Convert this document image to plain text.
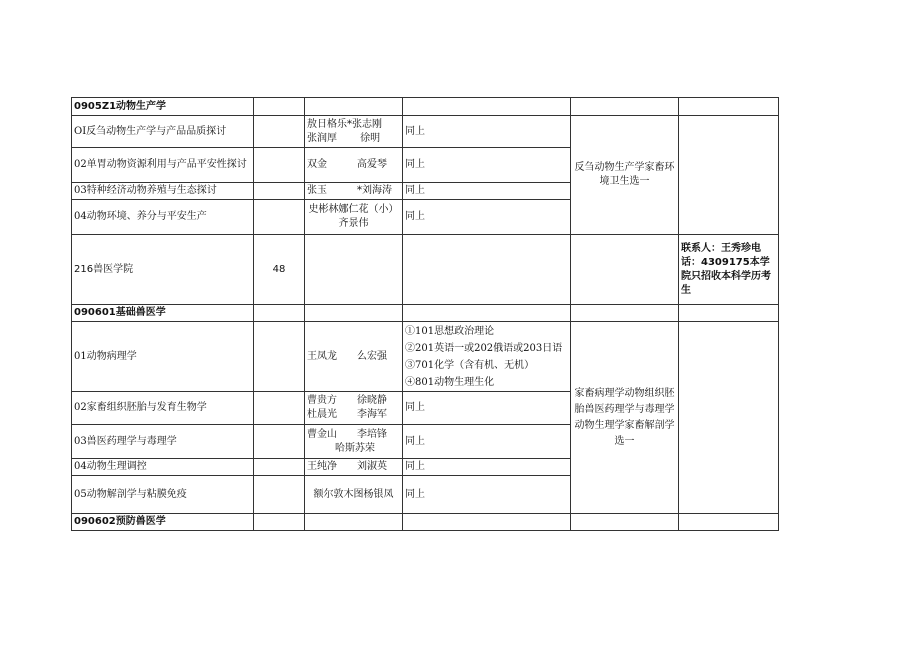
0905Z1动物生产学					
OI反刍动物生产学与产品品质探讨		敖日格乐*张志刚
张润厚　　 徐明	同上	反刍动物生产学家畜环境卫生选一	
02单胃动物资源利用与产品平安性探讨		双金　　　高爱琴	同上		
03特种经济动物养殖与生态探讨		张玉　　　*刘海涛	同上		
04动物环境、养分与平安生产		史彬林娜仁花（小）
齐景伟	同上		
216兽医学院	48				联系人：王秀珍电话：4309175本学院只招收本科学历考生
090601基础兽医学					
01动物病理学		王凤龙　　么宏强	①101思想政治理论
②201英语一或202俄语或203日语
③701化学（含有机、无机）
④801动物生理生化	家畜病理学动物组织胚胎兽医药理学与毒理学动物生理学家畜解剖学选一	
02家畜组织胚胎与发育生物学		曹贵方　　徐晓静
杜晨光　　李海军	同上		
03兽医药理学与毒理学		曹金山　　李培锋
哈斯苏荣	同上		
04动物生理调控		王纯净　　刘淑英	同上		
05动物解剖学与粘膜免疫		额尔敦木图杨银凤	同上		
090602预防兽医学					
